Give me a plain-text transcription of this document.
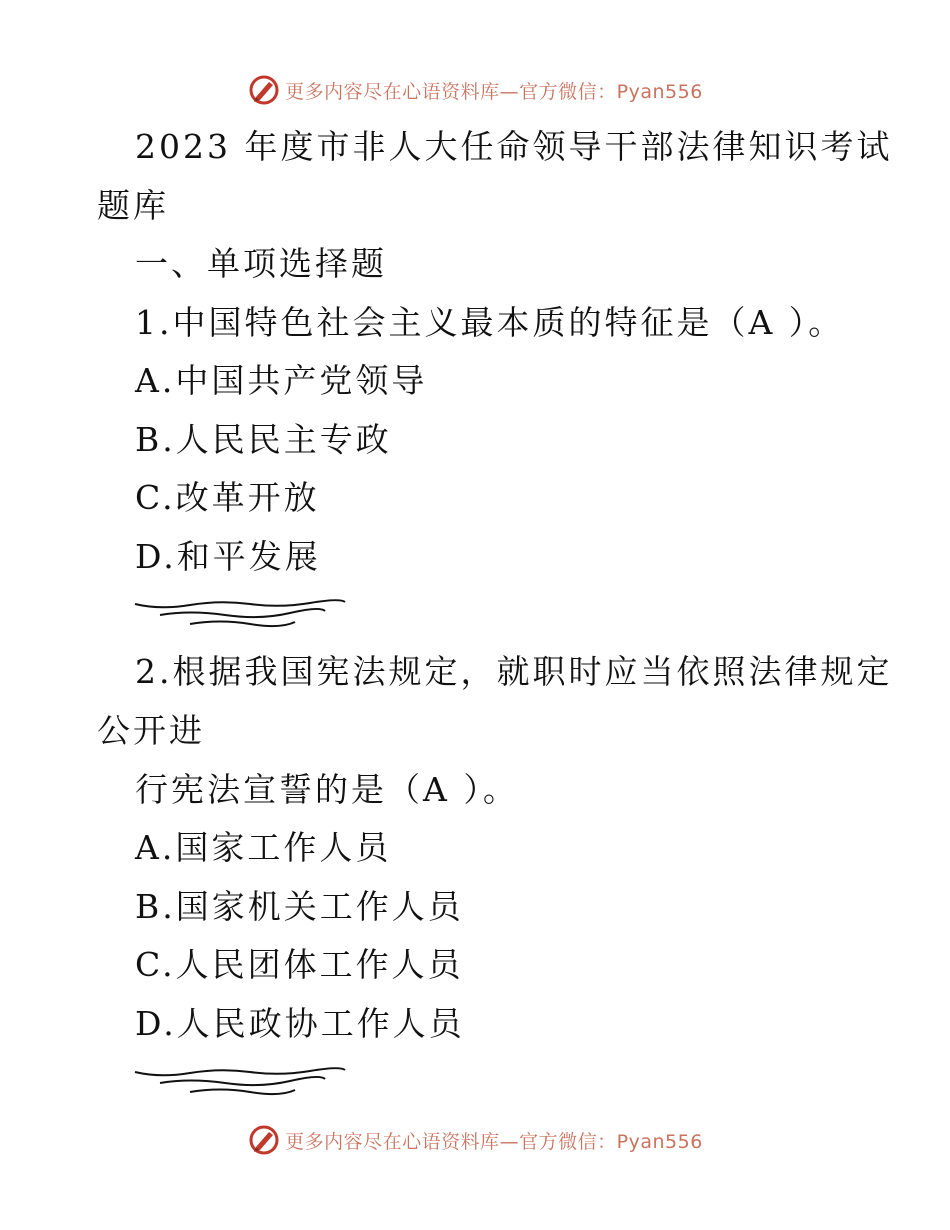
更多内容尽在心语资料库—官方微信：Pyan556
2023 年度市非人大任命领导干部法律知识考试
题库
一、单项选择题
1.中国特色社会主义最本质的特征是（A ）。
A.中国共产党领导
B.人民民主专政
C.改革开放
D.和平发展
2.根据我国宪法规定，就职时应当依照法律规定
公开进
行宪法宣誓的是（A ）。
A.国家工作人员
B.国家机关工作人员
C.人民团体工作人员
D.人民政协工作人员
更多内容尽在心语资料库—官方微信：Pyan556
